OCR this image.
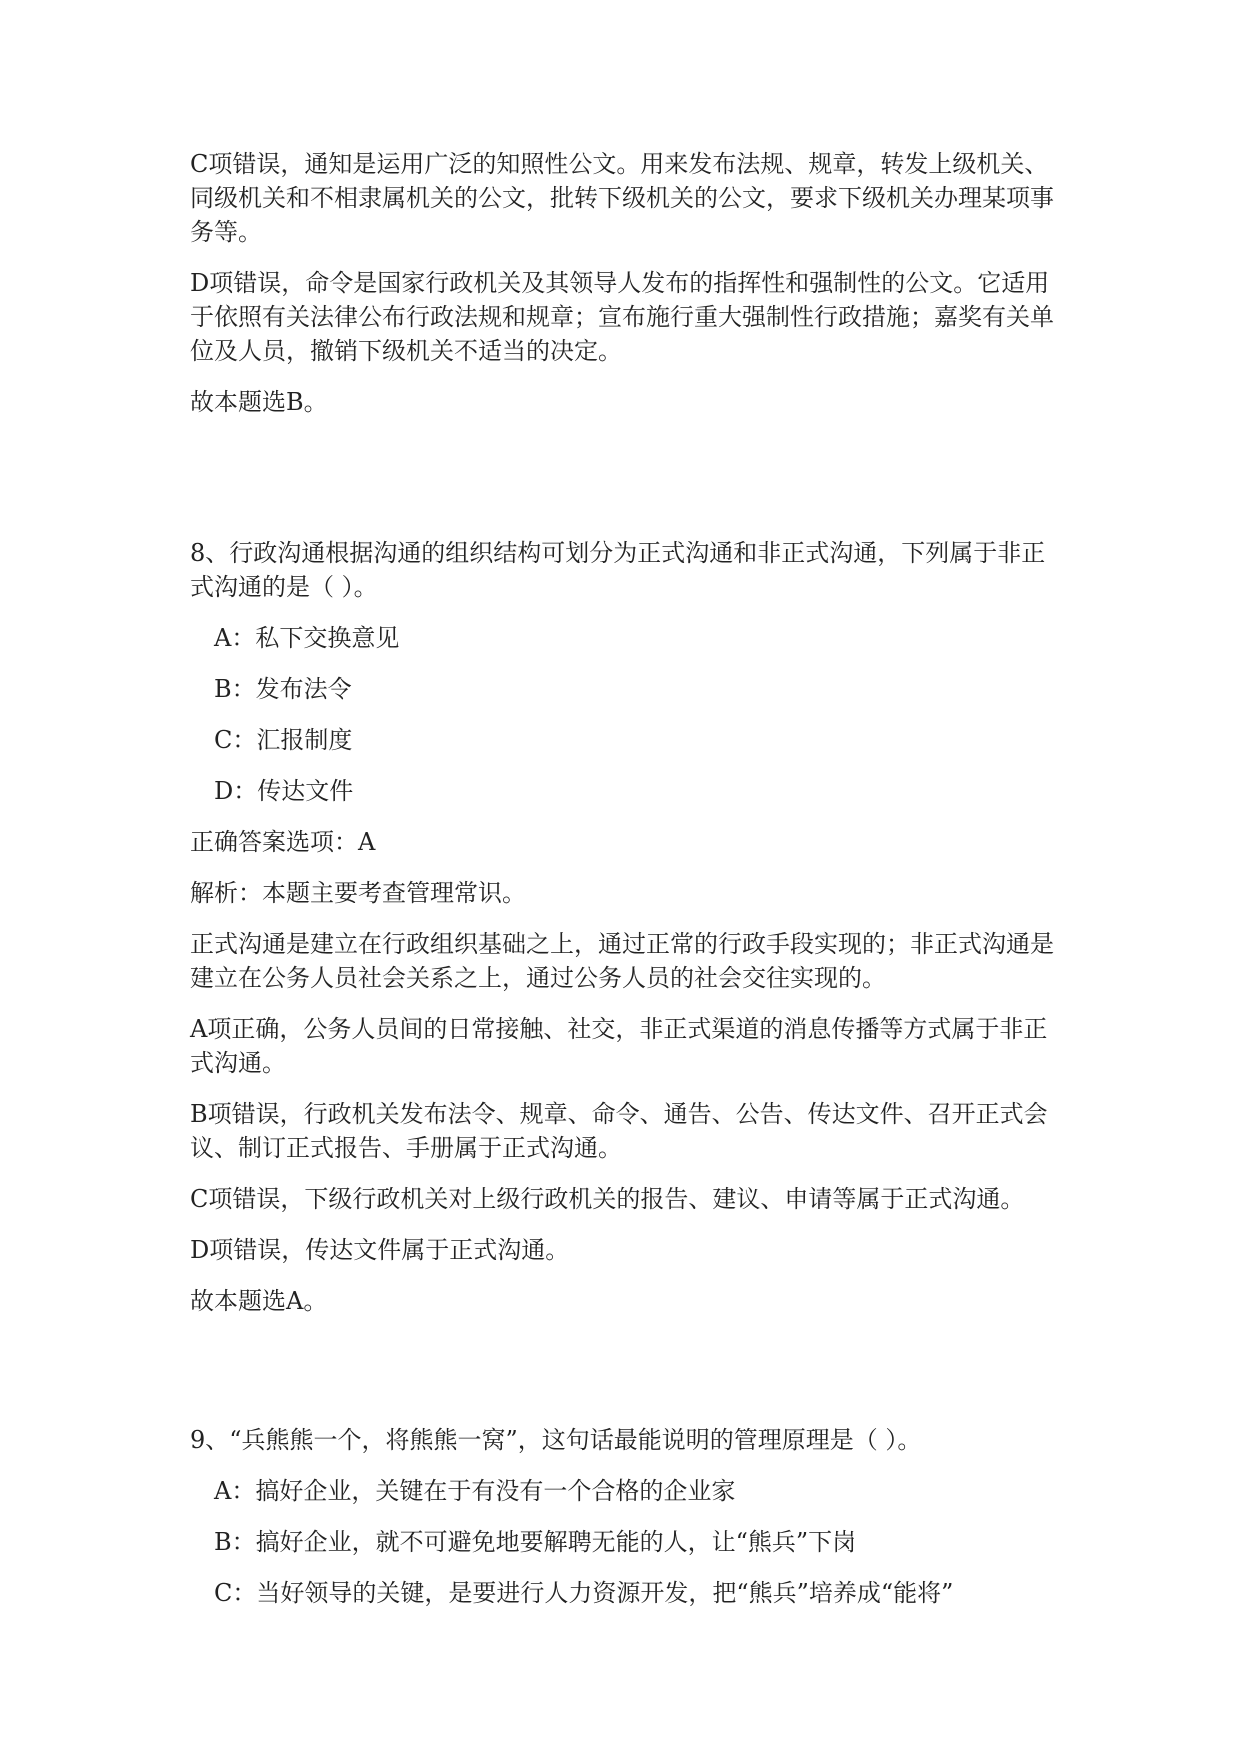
C项错误，通知是运用广泛的知照性公文。用来发布法规、规章，转发上级机关、同级机关和不相隶属机关的公文，批转下级机关的公文，要求下级机关办理某项事务等。

D项错误，命令是国家行政机关及其领导人发布的指挥性和强制性的公文。它适用于依照有关法律公布行政法规和规章；宣布施行重大强制性行政措施；嘉奖有关单位及人员，撤销下级机关不适当的决定。

故本题选B。

8、行政沟通根据沟通的组织结构可划分为正式沟通和非正式沟通，下列属于非正式沟通的是（ ）。

A：私下交换意见

B：发布法令

C：汇报制度

D：传达文件

正确答案选项：A

解析：本题主要考查管理常识。

正式沟通是建立在行政组织基础之上，通过正常的行政手段实现的；非正式沟通是建立在公务人员社会关系之上，通过公务人员的社会交往实现的。

A项正确，公务人员间的日常接触、社交，非正式渠道的消息传播等方式属于非正式沟通。

B项错误，行政机关发布法令、规章、命令、通告、公告、传达文件、召开正式会议、制订正式报告、手册属于正式沟通。

C项错误，下级行政机关对上级行政机关的报告、建议、申请等属于正式沟通。

D项错误，传达文件属于正式沟通。

故本题选A。

9、“兵熊熊一个，将熊熊一窝”，这句话最能说明的管理原理是（ ）。

A：搞好企业，关键在于有没有一个合格的企业家

B：搞好企业，就不可避免地要解聘无能的人，让“熊兵”下岗

C：当好领导的关键，是要进行人力资源开发，把“熊兵”培养成“能将”
